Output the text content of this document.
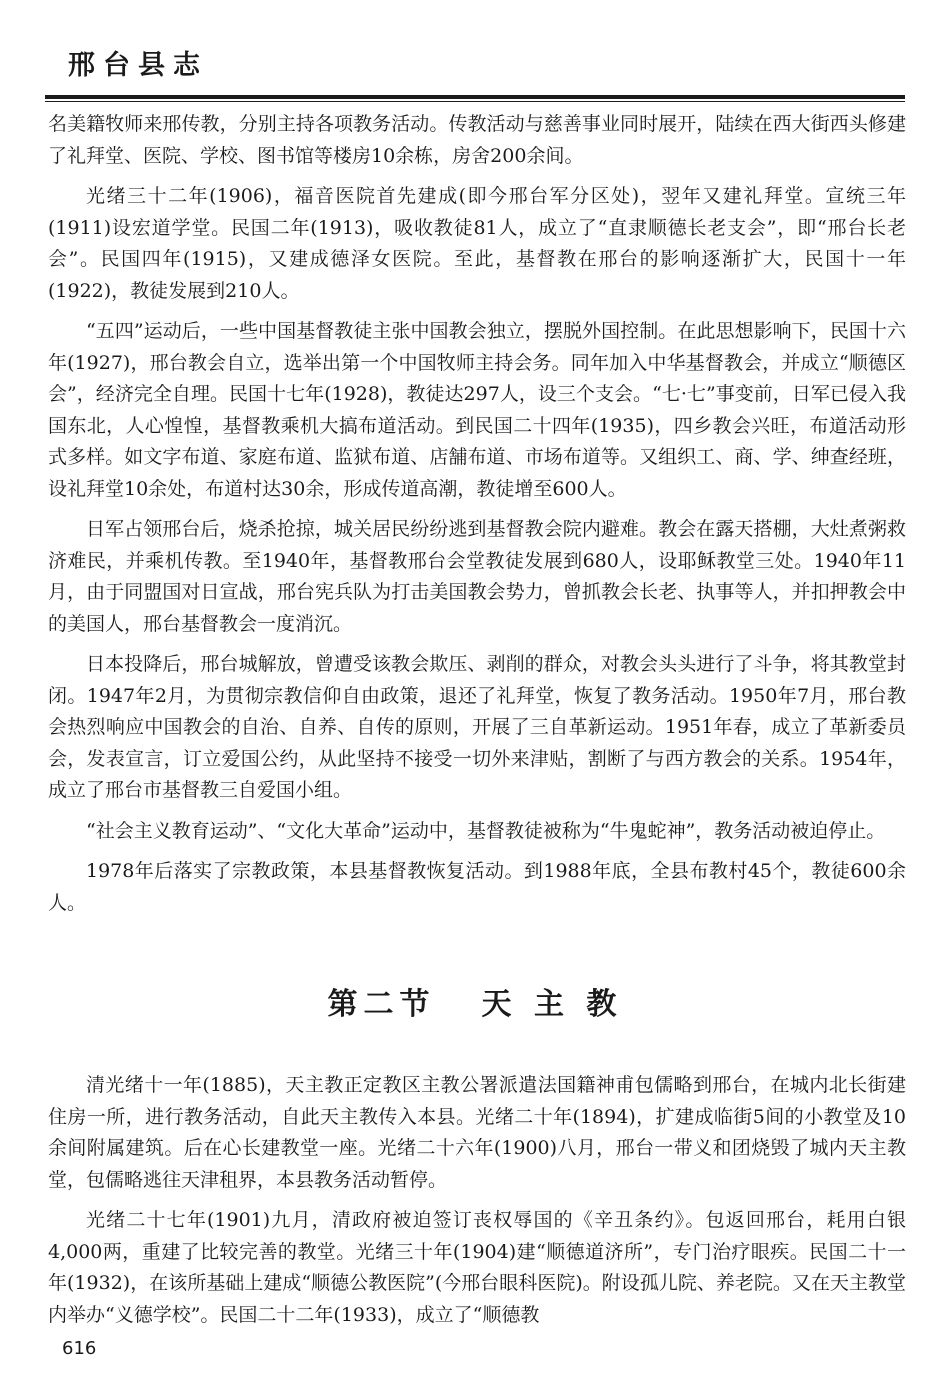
邢台县志

名美籍牧师来邢传教，分别主持各项教务活动。传教活动与慈善事业同时展开，陆续在西大街西头修建了礼拜堂、医院、学校、图书馆等楼房10余栋，房舍200余间。

光绪三十二年(1906)，福音医院首先建成(即今邢台军分区处)，翌年又建礼拜堂。宣统三年(1911)设宏道学堂。民国二年(1913)，吸收教徒81人，成立了“直隶顺德长老支会”，即“邢台长老会”。民国四年(1915)，又建成德泽女医院。至此，基督教在邢台的影响逐渐扩大，民国十一年(1922)，教徒发展到210人。

“五四”运动后，一些中国基督教徒主张中国教会独立，摆脱外国控制。在此思想影响下，民国十六年(1927)，邢台教会自立，选举出第一个中国牧师主持会务。同年加入中华基督教会，并成立“顺德区会”，经济完全自理。民国十七年(1928)，教徒达297人，设三个支会。“七·七”事变前，日军已侵入我国东北，人心惶惶，基督教乘机大搞布道活动。到民国二十四年(1935)，四乡教会兴旺，布道活动形式多样。如文字布道、家庭布道、监狱布道、店舗布道、市场布道等。又组织工、商、学、绅查经班，设礼拜堂10余处，布道村达30余，形成传道高潮，教徒增至600人。

日军占领邢台后，烧杀抢掠，城关居民纷纷逃到基督教会院内避难。教会在露天搭棚，大灶煮粥救济难民，并乘机传教。至1940年，基督教邢台会堂教徒发展到680人，设耶稣教堂三处。1940年11月，由于同盟国对日宣战，邢台宪兵队为打击美国教会势力，曾抓教会长老、执事等人，并扣押教会中的美国人，邢台基督教会一度消沉。

日本投降后，邢台城解放，曾遭受该教会欺压、剥削的群众，对教会头头进行了斗争，将其教堂封闭。1947年2月，为贯彻宗教信仰自由政策，退还了礼拜堂，恢复了教务活动。1950年7月，邢台教会热烈响应中国教会的自治、自养、自传的原则，开展了三自革新运动。1951年春，成立了革新委员会，发表宣言，订立爱国公约，从此坚持不接受一切外来津贴，割断了与西方教会的关系。1954年，成立了邢台市基督教三自爱国小组。

“社会主义教育运动”、“文化大革命”运动中，基督教徒被称为“牛鬼蛇神”，教务活动被迫停止。

1978年后落实了宗教政策，本县基督教恢复活动。到1988年底，全县布教村45个，教徒600余人。

第二节 天 主 教

清光绪十一年(1885)，天主教正定教区主教公署派遣法国籍神甫包儒略到邢台，在城内北长街建住房一所，进行教务活动，自此天主教传入本县。光绪二十年(1894)，扩建成临街5间的小教堂及10余间附属建筑。后在心长建教堂一座。光绪二十六年(1900)八月，邢台一带义和团烧毁了城内天主教堂，包儒略逃往天津租界，本县教务活动暂停。

光绪二十七年(1901)九月，清政府被迫签订丧权辱国的《辛丑条约》。包返回邢台，耗用白银4,000两，重建了比较完善的教堂。光绪三十年(1904)建“顺德道济所”，专门治疗眼疾。民国二十一年(1932)，在该所基础上建成“顺德公教医院”(今邢台眼科医院)。附设孤儿院、养老院。又在天主教堂内举办“义德学校”。民国二十二年(1933)，成立了“顺德教

616
